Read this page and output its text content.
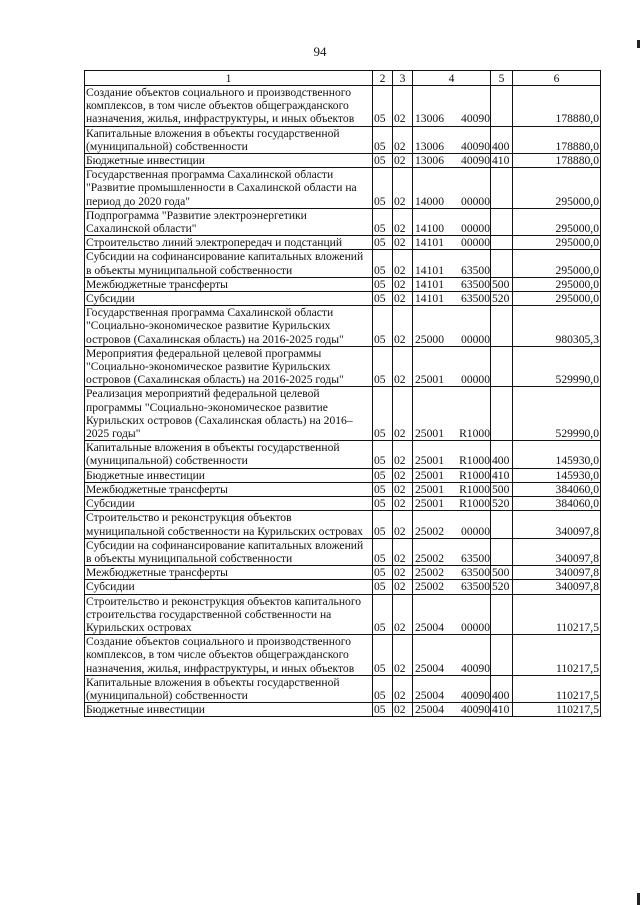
94
1	2	3	4	5	6
Создание объектов социального и производственного комплексов, в том числе объектов общегражданского назначения, жилья, инфраструктуры, и иных объектов	05	02	13006 40090		178880,0
Капитальные вложения в объекты государственной (муниципальной) собственности	05	02	13006 40090	400	178880,0
Бюджетные инвестиции	05	02	13006 40090	410	178880,0
Государственная программа Сахалинской области "Развитие промышленности в Сахалинской области на период до 2020 года"	05	02	14000 00000		295000,0
Подпрограмма "Развитие электроэнергетики Сахалинской области"	05	02	14100 00000		295000,0
Строительство линий электропередач и подстанций	05	02	14101 00000		295000,0
Субсидии на софинансирование капитальных вложений в объекты муниципальной собственности	05	02	14101 63500		295000,0
Межбюджетные трансферты	05	02	14101 63500	500	295000,0
Субсидии	05	02	14101 63500	520	295000,0
Государственная программа Сахалинской области "Социально-экономическое развитие Курильских островов (Сахалинская область) на 2016-2025 годы"	05	02	25000 00000		980305,3
Мероприятия федеральной целевой программы "Социально-экономическое развитие Курильских островов (Сахалинская область) на 2016-2025 годы"	05	02	25001 00000		529990,0
Реализация мероприятий федеральной целевой программы "Социально-экономическое развитие Курильских островов (Сахалинская область) на 2016–2025 годы"	05	02	25001 R1000		529990,0
Капитальные вложения в объекты государственной (муниципальной) собственности	05	02	25001 R1000	400	145930,0
Бюджетные инвестиции	05	02	25001 R1000	410	145930,0
Межбюджетные трансферты	05	02	25001 R1000	500	384060,0
Субсидии	05	02	25001 R1000	520	384060,0
Строительство и реконструкция объектов муниципальной собственности на Курильских островах	05	02	25002 00000		340097,8
Субсидии на софинансирование капитальных вложений в объекты муниципальной собственности	05	02	25002 63500		340097,8
Межбюджетные трансферты	05	02	25002 63500	500	340097,8
Субсидии	05	02	25002 63500	520	340097,8
Строительство и реконструкция объектов капитального строительства государственной собственности на Курильских островах	05	02	25004 00000		110217,5
Создание объектов социального и производственного комплексов, в том числе объектов общегражданского назначения, жилья, инфраструктуры, и иных объектов	05	02	25004 40090		110217,5
Капитальные вложения в объекты государственной (муниципальной) собственности	05	02	25004 40090	400	110217,5
Бюджетные инвестиции	05	02	25004 40090	410	110217,5
